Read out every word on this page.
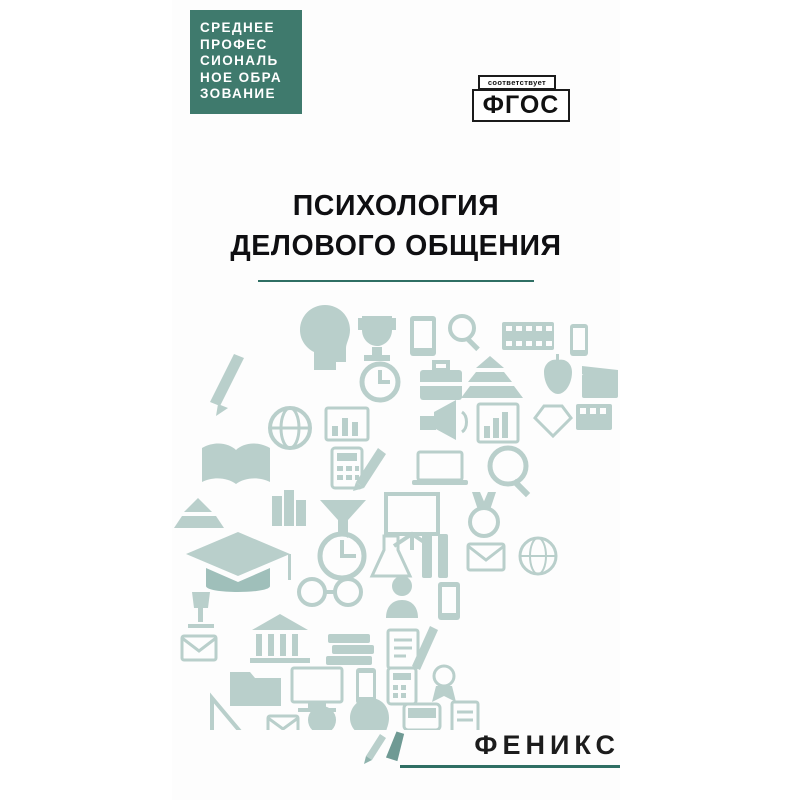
СРЕДНЕЕ
ПРОФЕС
СИОНАЛЬ
НОЕ ОБРА
ЗОВАНИЕ
соответствует
ФГОС
ПСИХОЛОГИЯ
ДЕЛОВОГО ОБЩЕНИЯ
ФЕНИКС
